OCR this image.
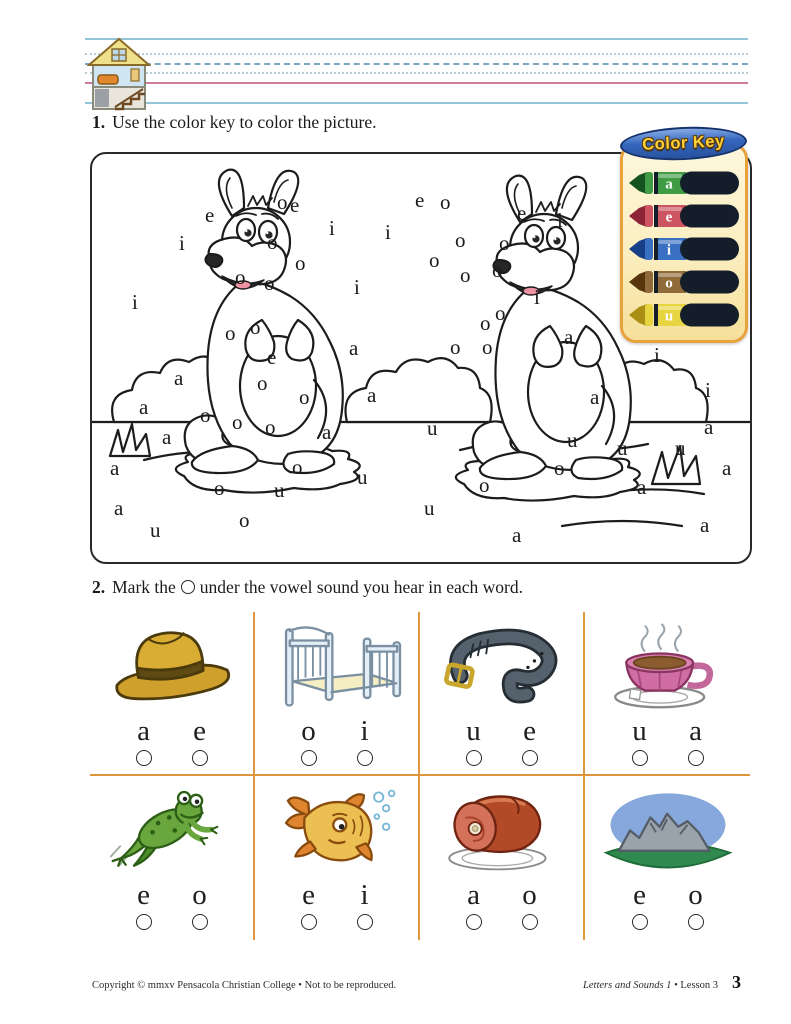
1. Use the color key to color the picture.
e
o e
i
i i
o
o
o o
i
i
o
o
e	a
a	o
o	a
a o o o
a	a	u
a	o	u
o u
a	o
u
e o	e i
o o
o
o o
i
o
o
a
o o	i
i
a
u
o
u u
a
a
a
o
u
a	a
a
e
i
o
u
Color Key
2. Mark the under the vowel sound you hear in each word.
a e	o i	u e	u a
e o	e i	a o	e o
Copyright © mmxv Pensacola Christian College • Not to be reproduced.	Letters and Sounds 1 • Lesson 3 3
